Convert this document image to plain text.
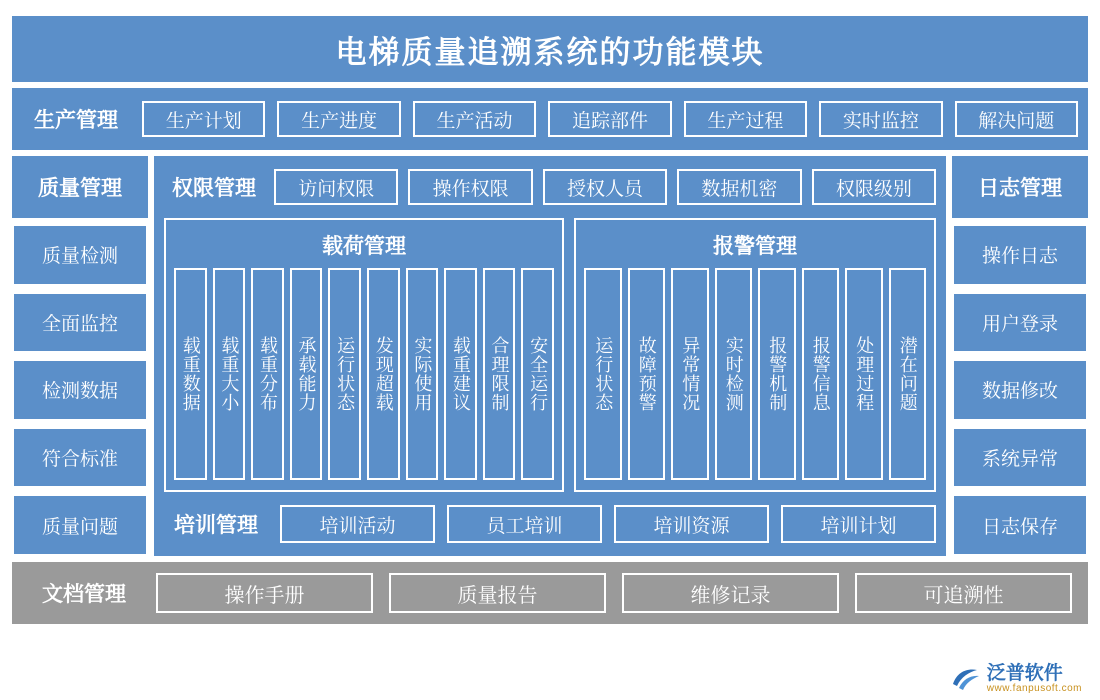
电梯质量追溯系统的功能模块
生产管理	生产计划	生产进度	生产活动	追踪部件	生产过程	实时监控	解决问题
质量管理
质量检测
全面监控
检测数据
符合标准
质量问题
权限管理	访问权限	操作权限	授权人员	数据机密	权限级别
载荷管理
载重数据	载重大小	载重分布	承载能力	运行状态	发现超载	实际使用	载重建议	合理限制	安全运行
报警管理
运行状态	故障预警	异常情况	实时检测	报警机制	报警信息	处理过程	潜在问题
培训管理	培训活动	员工培训	培训资源	培训计划
日志管理
操作日志
用户登录
数据修改
系统异常
日志保存
文档管理	操作手册	质量报告	维修记录	可追溯性
泛普软件
www.fanpusoft.com
